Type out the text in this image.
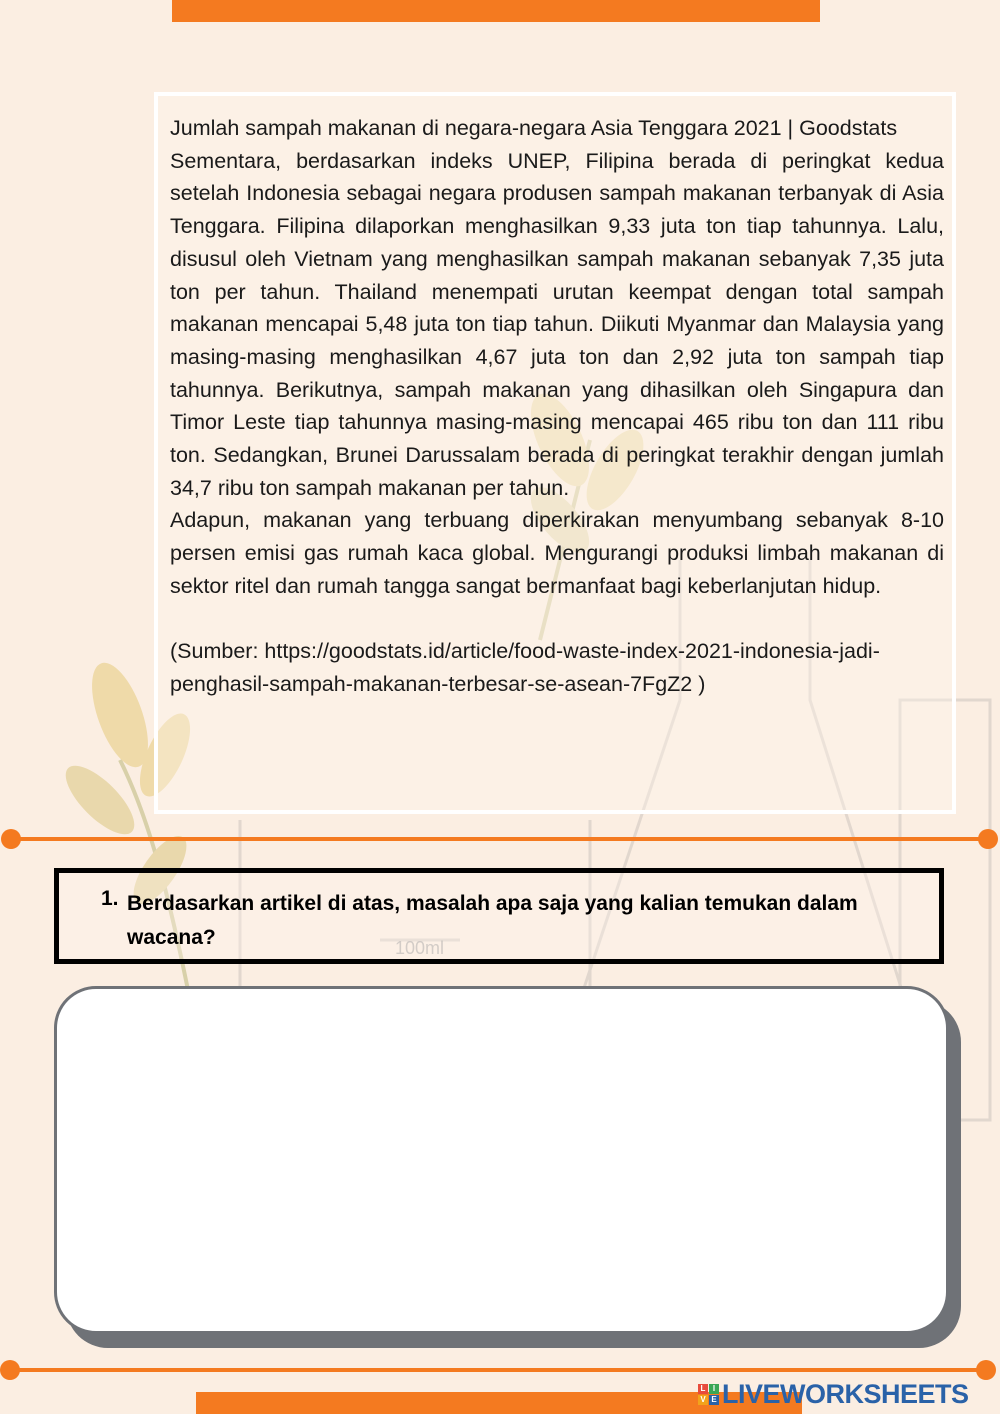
100ml

Jumlah sampah makanan di negara-negara Asia Tenggara 2021 | Goodstats

Sementara, berdasarkan indeks UNEP, Filipina berada di peringkat kedua setelah Indonesia sebagai negara produsen sampah makanan terbanyak di Asia Tenggara. Filipina dilaporkan menghasilkan 9,33 juta ton tiap tahunnya. Lalu, disusul oleh Vietnam yang menghasilkan sampah makanan sebanyak 7,35 juta ton per tahun. Thailand menempati urutan keempat dengan total sampah makanan mencapai 5,48 juta ton tiap tahun. Diikuti Myanmar dan Malaysia yang masing-masing menghasilkan 4,67 juta ton dan 2,92 juta ton sampah tiap tahunnya. Berikutnya, sampah makanan yang dihasilkan oleh Singapura dan Timor Leste tiap tahunnya masing-masing mencapai 465 ribu ton dan 111 ribu ton. Sedangkan, Brunei Darussalam berada di peringkat terakhir dengan jumlah 34,7 ribu ton sampah makanan per tahun.

Adapun, makanan yang terbuang diperkirakan menyumbang sebanyak 8-10 persen emisi gas rumah kaca global. Mengurangi produksi limbah makanan di sektor ritel dan rumah tangga sangat bermanfaat bagi keberlanjutan hidup.

(Sumber: https://goodstats.id/article/food-waste-index-2021-indonesia-jadi-penghasil-sampah-makanan-terbesar-se-asean-7FgZ2 )

1. Berdasarkan artikel di atas, masalah apa saja yang kalian temukan dalam wacana?
L I
V E LIVEWORKSHEETS
